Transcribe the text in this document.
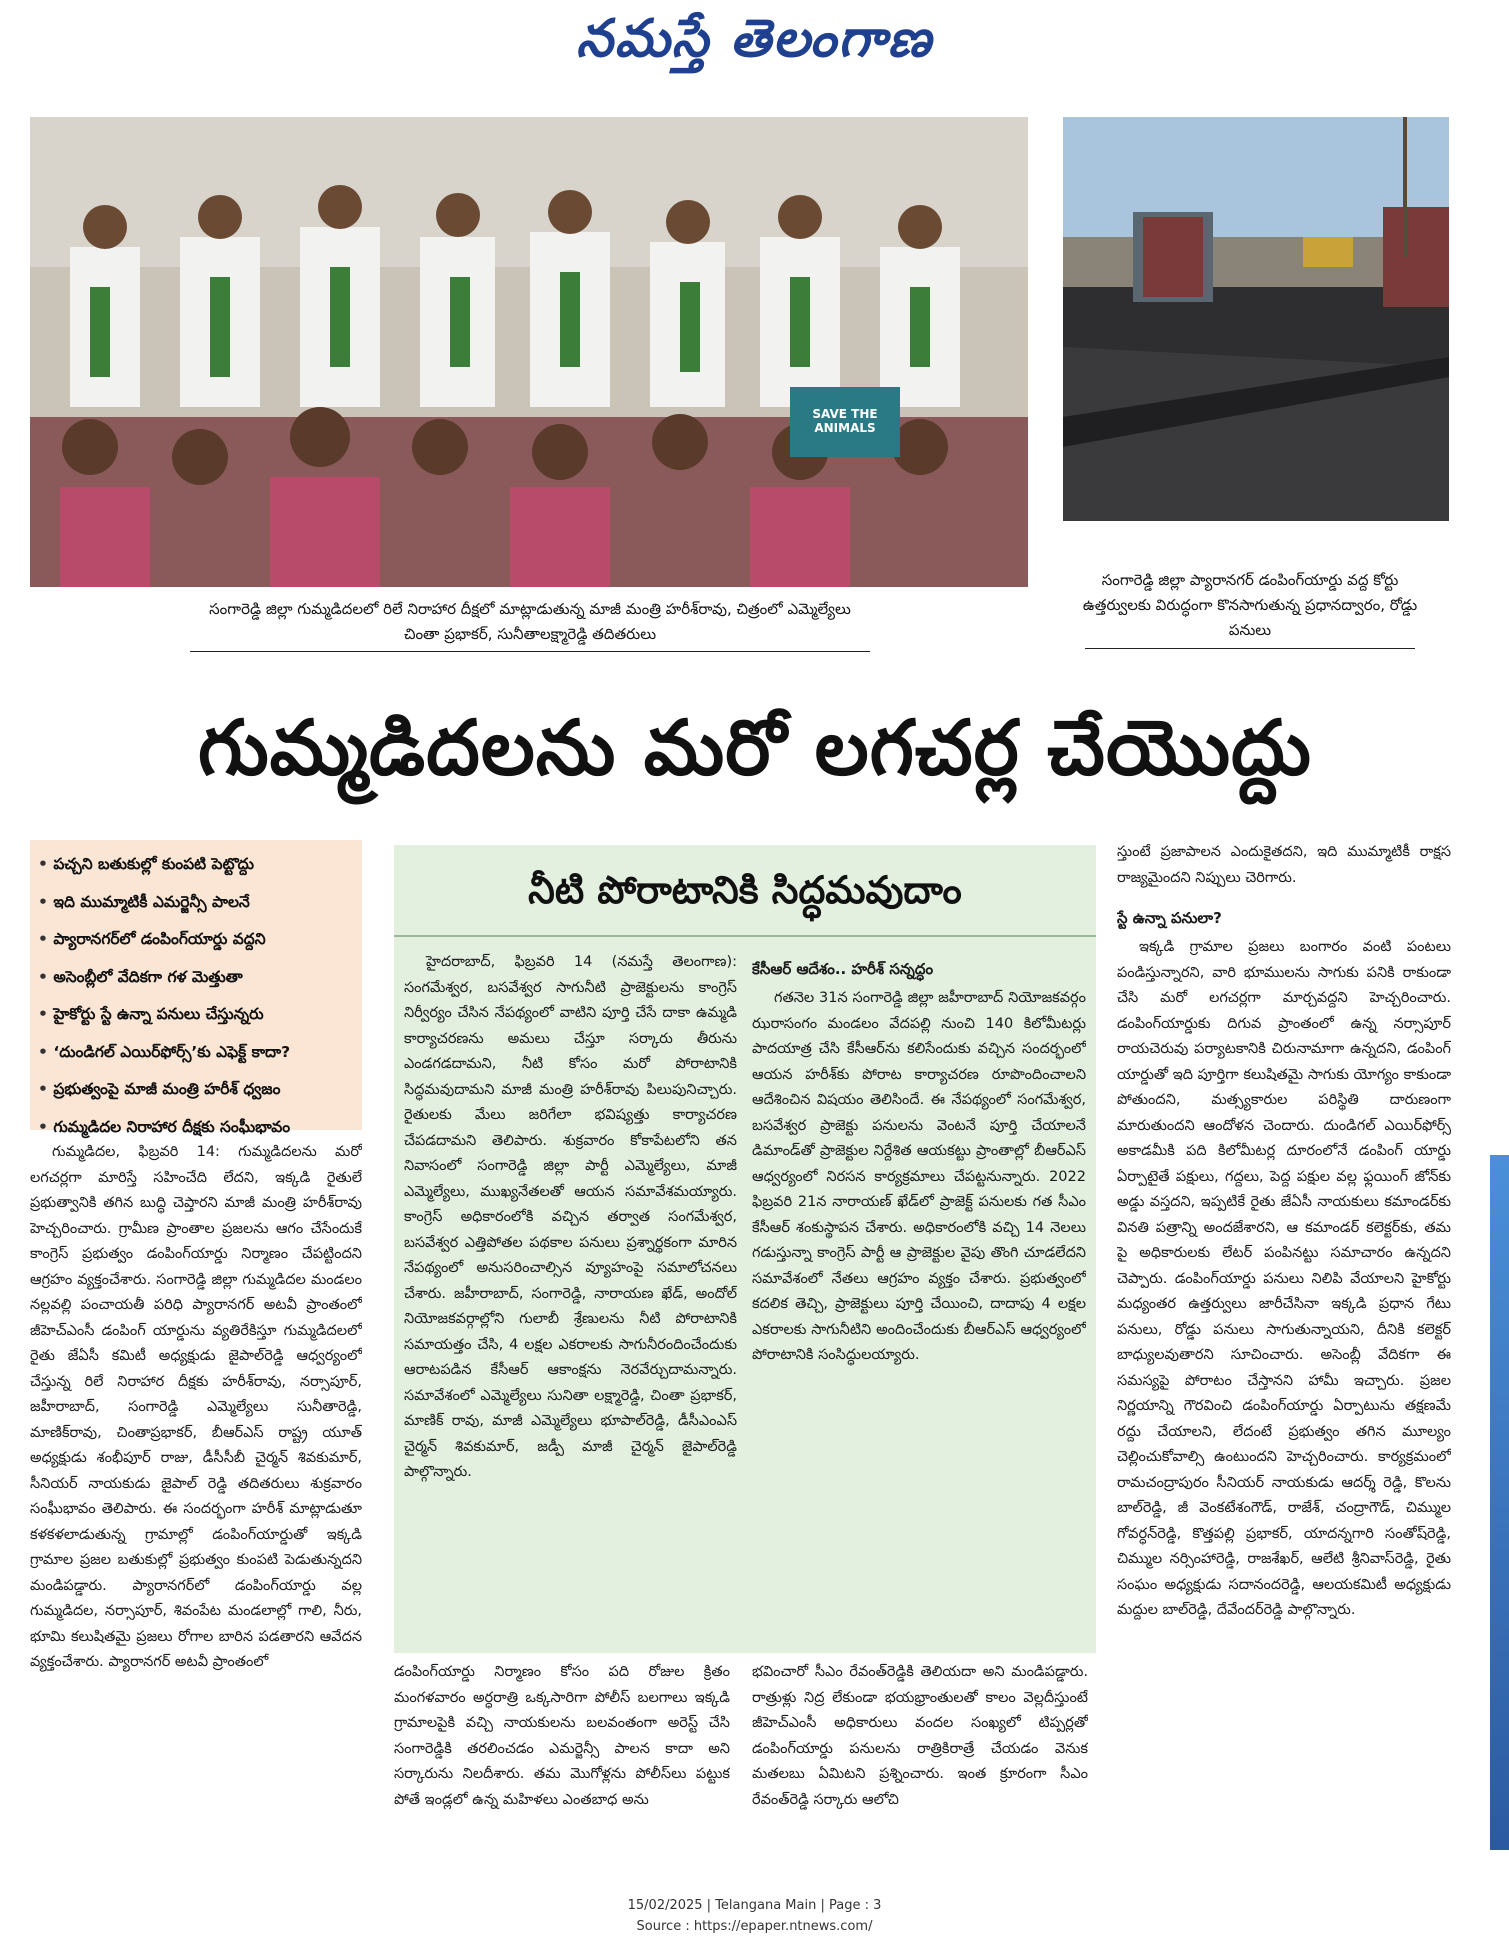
నమస్తే తెలంగాణ
SAVE THE ANIMALS
సంగారెడ్డి జిల్లా గుమ్మడిదలలో రిలే నిరాహార దీక్షలో మాట్లాడుతున్న మాజీ మంత్రి హరీశ్‌రావు, చిత్రంలో ఎమ్మెల్యేలు చింతా ప్రభాకర్, సునీతాలక్ష్మారెడ్డి తదితరులు
సంగారెడ్డి జిల్లా ప్యారానగర్ డంపింగ్‌యార్డు వద్ద కోర్టు ఉత్తర్వులకు విరుద్ధంగా కొనసాగుతున్న ప్రధానద్వారం, రోడ్డు పనులు
గుమ్మడిదలను మరో లగచర్ల చేయొద్దు
• పచ్చని బతుకుల్లో కుంపటి పెట్టొద్దు
• ఇది ముమ్మాటికీ ఎమర్జెన్సీ పాలనే
• ప్యారానగర్‌లో డంపింగ్‌యార్డు వద్దని
• అసెంబ్లీలో వేదికగా గళ మెత్తుతా
• హైకోర్టు స్టే ఉన్నా పనులు చేస్తున్నరు
• ‘దుండిగల్ ఎయిర్‌ఫోర్స్’కు ఎఫెక్ట్ కాదా?
• ప్రభుత్వంపై మాజీ మంత్రి హరీశ్ ధ్వజం
• గుమ్మడిదల నిరాహార దీక్షకు సంఘీభావం

గుమ్మడిదల, ఫిబ్రవరి 14: గుమ్మడిదలను మరో లగచర్లగా మారిస్తే సహించేది లేదని, ఇక్కడి రైతులే ప్రభుత్వానికి తగిన బుద్ధి చెప్తారని మాజీ మంత్రి హరీశ్‌రావు హెచ్చరించారు. గ్రామీణ ప్రాంతాల ప్రజలను ఆగం చేసేందుకే కాంగ్రెస్ ప్రభుత్వం డంపింగ్‌యార్డు నిర్మాణం చేపట్టిందని ఆగ్రహం వ్యక్తంచేశారు. సంగారెడ్డి జిల్లా గుమ్మడిదల మండలం నల్లవల్లి పంచాయతీ పరిధి ప్యారానగర్ అటవీ ప్రాంతంలో జీహెచ్‌ఎంసీ డంపింగ్ యార్డును వ్యతిరేకిస్తూ గుమ్మడిదలలో రైతు జేఏసీ కమిటీ అధ్యక్షుడు జైపాల్‌రెడ్డి ఆధ్వర్యంలో చేస్తున్న రిలే నిరాహార దీక్షకు హరీశ్‌రావు, నర్సాపూర్, జహీరాబాద్, సంగారెడ్డి ఎమ్మెల్యేలు సునీతారెడ్డి, మాణిక్‌రావు, చింతాప్రభాకర్, బీఆర్‌ఎస్ రాష్ట్ర యూత్ అధ్యక్షుడు శంభీపూర్ రాజు, డీసీసీబీ చైర్మన్ శివకుమార్, సీనియర్ నాయకుడు జైపాల్ రెడ్డి తదితరులు శుక్రవారం సంఘీభావం తెలిపారు. ఈ సందర్భంగా హరీశ్ మాట్లాడుతూ కళకళలాడుతున్న గ్రామాల్లో డంపింగ్‌యార్డుతో ఇక్కడి గ్రామాల ప్రజల బతుకుల్లో ప్రభుత్వం కుంపటి పెడుతున్నదని మండిపడ్డారు. ప్యారానగర్‌లో డంపింగ్‌యార్డు వల్ల గుమ్మడిదల, నర్సాపూర్, శివంపేట మండలాల్లో గాలి, నీరు, భూమి కలుషితమై ప్రజలు రోగాల బారిన పడతారని ఆవేదన వ్యక్తంచేశారు. ప్యారానగర్ అటవీ ప్రాంతంలో

నీటి పోరాటానికి సిద్ధమవుదాం

హైదరాబాద్, ఫిబ్రవరి 14 (నమస్తే తెలంగాణ): సంగమేశ్వర, బసవేశ్వర సాగునీటి ప్రాజెక్టులను కాంగ్రెస్ నిర్వీర్యం చేసిన నేపథ్యంలో వాటిని పూర్తి చేసే దాకా ఉమ్మడి కార్యాచరణను అమలు చేస్తూ సర్కారు తీరును ఎండగడదామని, నీటి కోసం మరో పోరాటానికి సిద్ధమవుదామని మాజీ మంత్రి హరీశ్‌రావు పిలుపునిచ్చారు. రైతులకు మేలు జరిగేలా భవిష్యత్తు కార్యాచరణ చేపడదామని తెలిపారు. శుక్రవారం కోకాపేటలోని తన నివాసంలో సంగారెడ్డి జిల్లా పార్టీ ఎమ్మెల్యేలు, మాజీ ఎమ్మెల్యేలు, ముఖ్యనేతలతో ఆయన సమావేశమయ్యారు. కాంగ్రెస్ అధికారంలోకి వచ్చిన తర్వాత సంగమేశ్వర, బసవేశ్వర ఎత్తిపోతల పథకాల పనులు ప్రశ్నార్థకంగా మారిన నేపథ్యంలో అనుసరించాల్సిన వ్యూహంపై సమాలోచనలు చేశారు. జహీరాబాద్, సంగారెడ్డి, నారాయణ ఖేడ్, అందోల్ నియోజకవర్గాల్లోని గులాబీ శ్రేణులను నీటి పోరాటానికి సమాయత్తం చేసి, 4 లక్షల ఎకరాలకు సాగునీరందించేందుకు ఆరాటపడిన కేసీఆర్ ఆకాంక్షను నెరవేర్చుదామన్నారు. సమావేశంలో ఎమ్మెల్యేలు సునితా లక్ష్మారెడ్డి, చింతా ప్రభాకర్, మాణిక్ రావు, మాజీ ఎమ్మెల్యేలు భూపాల్‌రెడ్డి, డీసీఎంఎస్ చైర్మన్ శివకుమార్, జడ్పీ మాజీ చైర్మన్ జైపాల్‌రెడ్డి పాల్గొన్నారు.

కేసీఆర్ ఆదేశం.. హరీశ్ సన్నద్ధం

గతనెల 31న సంగారెడ్డి జిల్లా జహీరాబాద్ నియోజకవర్గం ఝరాసంగం మండలం వేదపల్లి నుంచి 140 కిలోమీటర్లు పాదయాత్ర చేసి కేసీఆర్‌ను కలిసేందుకు వచ్చిన సందర్భంలో ఆయన హరీశ్‌కు పోరాట కార్యాచరణ రూపొందించాలని ఆదేశించిన విషయం తెలిసిందే. ఈ నేపథ్యంలో సంగమేశ్వర, బసవేశ్వర ప్రాజెక్టు పనులను వెంటనే పూర్తి చేయాలనే డిమాండ్‌తో ప్రాజెక్టుల నిర్దేశిత ఆయకట్టు ప్రాంతాల్లో బీఆర్‌ఎస్ ఆధ్వర్యంలో నిరసన కార్యక్రమాలు చేపట్టనున్నారు. 2022 ఫిబ్రవరి 21న నారాయణ్ ఖేడ్‌లో ప్రాజెక్ట్ పనులకు గత సీఎం కేసీఆర్ శంకుస్థాపన చేశారు. అధికారంలోకి వచ్చి 14 నెలలు గడుస్తున్నా కాంగ్రెస్ పార్టీ ఆ ప్రాజెక్టుల వైపు తొంగి చూడలేదని సమావేశంలో నేతలు ఆగ్రహం వ్యక్తం చేశారు. ప్రభుత్వంలో కదలిక తెచ్చి, ప్రాజెక్టులు పూర్తి చేయించి, దాదాపు 4 లక్షల ఎకరాలకు సాగునీటిని అందించేందుకు బీఆర్‌ఎస్ ఆధ్వర్యంలో పోరాటానికి సంసిద్ధులయ్యారు.

డంపింగ్‌యార్డు నిర్మాణం కోసం పది రోజుల క్రితం మంగళవారం అర్ధరాత్రి ఒక్కసారిగా పోలీస్ బలగాలు ఇక్కడి గ్రామాలపైకి వచ్చి నాయకులను బలవంతంగా అరెస్ట్ చేసి సంగారెడ్డికి తరలించడం ఎమర్జెన్సీ పాలన కాదా అని సర్కారును నిలదీశారు. తమ మొగోళ్లను పోలీస్‌లు పట్టుక పోతే ఇండ్లలో ఉన్న మహిళలు ఎంతబాధ అను

భవించారో సీఎం రేవంత్‌రెడ్డికి తెలియదా అని మండిపడ్డారు. రాత్రుళ్లు నిద్ర లేకుండా భయభ్రాంతులతో కాలం వెల్లదీస్తుంటే జీహెచ్‌ఎంసీ అధికారులు వందల సంఖ్యలో టిప్పర్లతో డంపింగ్‌యార్డు పనులను రాత్రికిరాత్రే చేయడం వెనుక మతలబు ఏమిటని ప్రశ్నించారు. ఇంత క్రూరంగా సీఎం రేవంత్‌రెడ్డి సర్కారు ఆలోచి

స్తుంటే ప్రజాపాలన ఎందుకైతదని, ఇది ముమ్మాటికీ రాక్షస రాజ్యమైందని నిప్పులు చెరిగారు.

స్టే ఉన్నా పనులా?

ఇక్కడి గ్రామాల ప్రజలు బంగారం వంటి పంటలు పండిస్తున్నారని, వారి భూములను సాగుకు పనికి రాకుండా చేసి మరో లగచర్లగా మార్చవద్దని హెచ్చరించారు. డంపింగ్‌యార్డుకు దిగువ ప్రాంతంలో ఉన్న నర్సాపూర్ రాయచెరువు పర్యాటకానికి చిరునామాగా ఉన్నదని, డంపింగ్ యార్డుతో ఇది పూర్తిగా కలుషితమై సాగుకు యోగ్యం కాకుండా పోతుందని, మత్స్యకారుల పరిస్థితి దారుణంగా మారుతుందని ఆందోళన చెందారు. దుండిగల్ ఎయిర్‌ఫోర్స్ అకాడమీకి పది కిలోమీటర్ల దూరంలోనే డంపింగ్ యార్డు ఏర్పాటైతే పక్షులు, గద్దలు, పెద్ద పక్షుల వల్ల ఫ్లయింగ్ జోన్‌కు అడ్డు వస్తదని, ఇప్పటికే రైతు జేఏసీ నాయకులు కమాండర్‌కు వినతి పత్రాన్ని అందజేశారని, ఆ కమాండర్ కలెక్టర్‌కు, తమ పై అధికారులకు లేటర్ పంపినట్టు సమాచారం ఉన్నదని చెప్పారు. డంపింగ్‌యార్డు పనులు నిలిపి వేయాలని హైకోర్టు మధ్యంతర ఉత్తర్వులు జారీచేసినా ఇక్కడి ప్రధాన గేటు పనులు, రోడ్డు పనులు సాగుతున్నాయని, దీనికి కలెక్టర్ బాధ్యులవుతారని సూచించారు. అసెంబ్లీ వేదికగా ఈ సమస్యపై పోరాటం చేస్తానని హామీ ఇచ్చారు. ప్రజల నిర్ణయాన్ని గౌరవించి డంపింగ్‌యార్డు ఏర్పాటును తక్షణమే రద్దు చేయాలని, లేదంటే ప్రభుత్వం తగిన మూల్యం చెల్లించుకోవాల్సి ఉంటుందని హెచ్చరించారు. కార్యక్రమంలో రామచంద్రాపురం సీనియర్ నాయకుడు ఆదర్శ్ రెడ్డి, కొలను బాల్‌రెడ్డి, జీ వెంకటేశంగౌడ్, రాజేశ్, చంద్రాగౌడ్, చిమ్ముల గోవర్ధన్‌రెడ్డి, కొత్తపల్లి ప్రభాకర్, యాదన్నగారి సంతోష్‌రెడ్డి, చిమ్ముల నర్సింహారెడ్డి, రాజశేఖర్, ఆలేటి శ్రీనివాస్‌రెడ్డి, రైతు సంఘం అధ్యక్షుడు సదానందరెడ్డి, ఆలయకమిటీ అధ్యక్షుడు మద్దుల బాల్‌రెడ్డి, దేవేందర్‌రెడ్డి పాల్గొన్నారు.

15/02/2025 | Telangana Main | Page : 3
Source : https://epaper.ntnews.com/
